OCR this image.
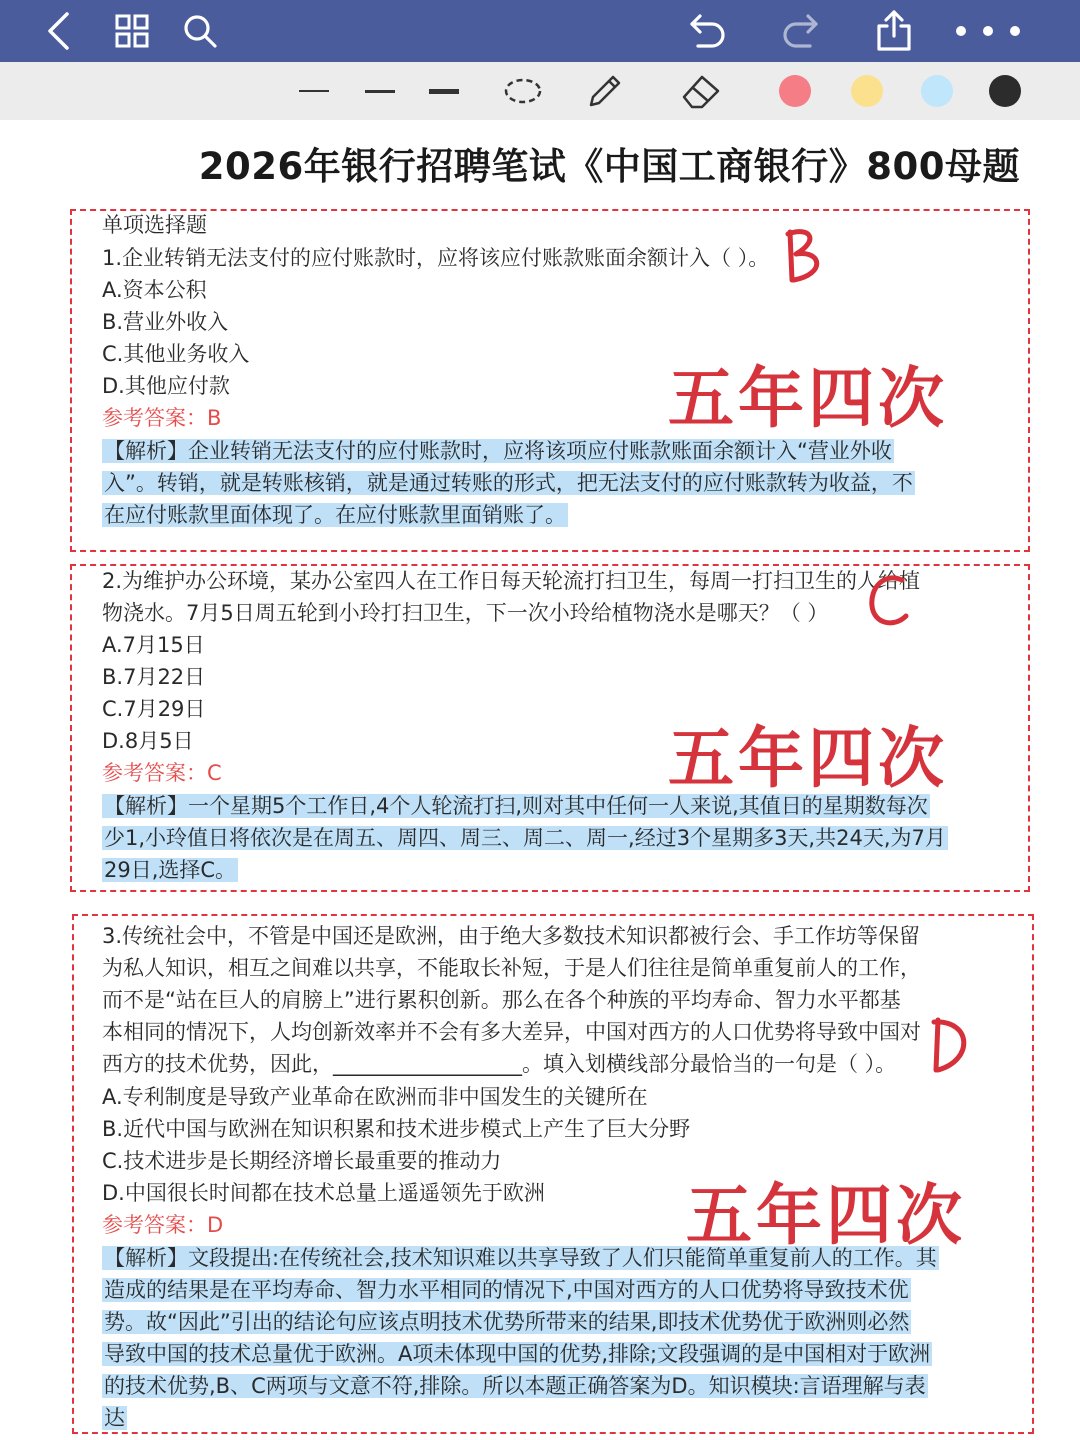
2026年银行招聘笔试《中国工商银行》800母题
单项选择题
1.企业转销无法支付的应付账款时，应将该应付账款账面余额计入（ ）。
A.资本公积
B.营业外收入
C.其他业务收入
D.其他应付款
参考答案：B
【解析】企业转销无法支付的应付账款时，应将该项应付账款账面余额计入“营业外收
入”。转销，就是转账核销，就是通过转账的形式，把无法支付的应付账款转为收益，不
在应付账款里面体现了。在应付账款里面销账了。
五年四次
2.为维护办公环境，某办公室四人在工作日每天轮流打扫卫生，每周一打扫卫生的人给植
物浇水。7月5日周五轮到小玲打扫卫生，下一次小玲给植物浇水是哪天？（ ）
A.7月15日
B.7月22日
C.7月29日
D.8月5日
参考答案：C
【解析】一个星期5个工作日,4个人轮流打扫,则对其中任何一人来说,其值日的星期数每次
少1,小玲值日将依次是在周五、周四、周三、周二、周一,经过3个星期多3天,共24天,为7月
29日,选择C。
五年四次
3.传统社会中，不管是中国还是欧洲，由于绝大多数技术知识都被行会、手工作坊等保留
为私人知识，相互之间难以共享，不能取长补短，于是人们往往是简单重复前人的工作，
而不是“站在巨人的肩膀上”进行累积创新。那么在各个种族的平均寿命、智力水平都基
本相同的情况下，人均创新效率并不会有多大差异，中国对西方的人口优势将导致中国对
西方的技术优势，因此，__________________。填入划横线部分最恰当的一句是（ ）。
A.专利制度是导致产业革命在欧洲而非中国发生的关键所在
B.近代中国与欧洲在知识积累和技术进步模式上产生了巨大分野
C.技术进步是长期经济增长最重要的推动力
D.中国很长时间都在技术总量上遥遥领先于欧洲
参考答案：D
【解析】文段提出:在传统社会,技术知识难以共享导致了人们只能简单重复前人的工作。其
造成的结果是在平均寿命、智力水平相同的情况下,中国对西方的人口优势将导致技术优
势。故“因此”引出的结论句应该点明技术优势所带来的结果,即技术优势优于欧洲则必然
导致中国的技术总量优于欧洲。A项未体现中国的优势,排除;文段强调的是中国相对于欧洲
的技术优势,B、C两项与文意不符,排除。所以本题正确答案为D。知识模块:言语理解与表
达
五年四次
